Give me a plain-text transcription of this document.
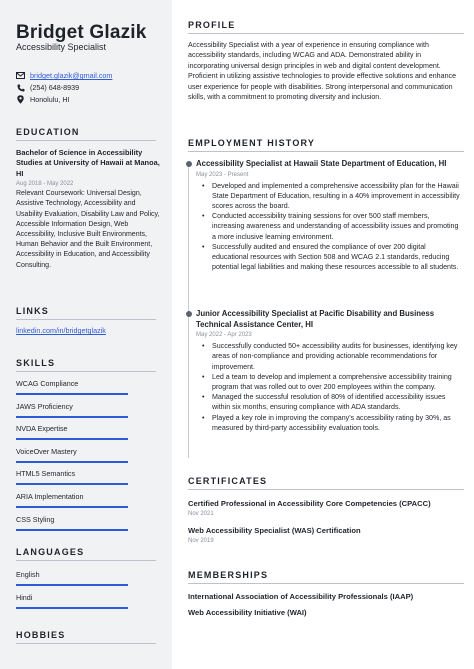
Bridget Glazik
Accessibility Specialist
bridget.glazik@gmail.com
(254) 648-8939
Honolulu, HI
EDUCATION
Bachelor of Science in Accessibility Studies at University of Hawaii at Manoa, HI
Aug 2018 - May 2022
Relevant Coursework: Universal Design, Assistive Technology, Accessibility and Usability Evaluation, Disability Law and Policy, Accessible Information Design, Web Accessibility, Inclusive Built Environments, Human Behavior and the Built Environment, Accessibility in Education, and Accessibility Consulting.
LINKS
linkedin.com/in/bridgetglazik
SKILLS
WCAG Compliance
JAWS Proficiency
NVDA Expertise
VoiceOver Mastery
HTML5 Semantics
ARIA Implementation
CSS Styling
LANGUAGES
English
Hindi
HOBBIES
PROFILE
Accessibility Specialist with a year of experience in ensuring compliance with accessibility standards, including WCAG and ADA. Demonstrated ability in incorporating universal design principles in web and digital content development. Proficient in utilizing assistive technologies to provide effective solutions and enhance user experience for people with disabilities. Strong interpersonal and communication skills, with a commitment to promoting diversity and inclusion.
EMPLOYMENT HISTORY
Accessibility Specialist at Hawaii State Department of Education, HI
May 2023 - Present
• Developed and implemented a comprehensive accessibility plan for the Hawaii State Department of Education, resulting in a 40% improvement in accessibility scores across the board.
• Conducted accessibility training sessions for over 500 staff members, increasing awareness and understanding of accessibility issues and promoting a more inclusive learning environment.
• Successfully audited and ensured the compliance of over 200 digital educational resources with Section 508 and WCAG 2.1 standards, reducing potential legal liabilities and making these resources accessible to all students.
Junior Accessibility Specialist at Pacific Disability and Business Technical Assistance Center, HI
May 2022 - Apr 2023
• Successfully conducted 50+ accessibility audits for businesses, identifying key areas of non-compliance and providing actionable recommendations for improvement.
• Led a team to develop and implement a comprehensive accessibility training program that was rolled out to over 200 employees within the company.
• Managed the successful resolution of 80% of identified accessibility issues within six months, ensuring compliance with ADA standards.
• Played a key role in improving the company's accessibility rating by 30%, as measured by third-party accessibility evaluation tools.
CERTIFICATES
Certified Professional in Accessibility Core Competencies (CPACC)
Nov 2021
Web Accessibility Specialist (WAS) Certification
Nov 2019
MEMBERSHIPS
International Association of Accessibility Professionals (IAAP)
Web Accessibility Initiative (WAI)
